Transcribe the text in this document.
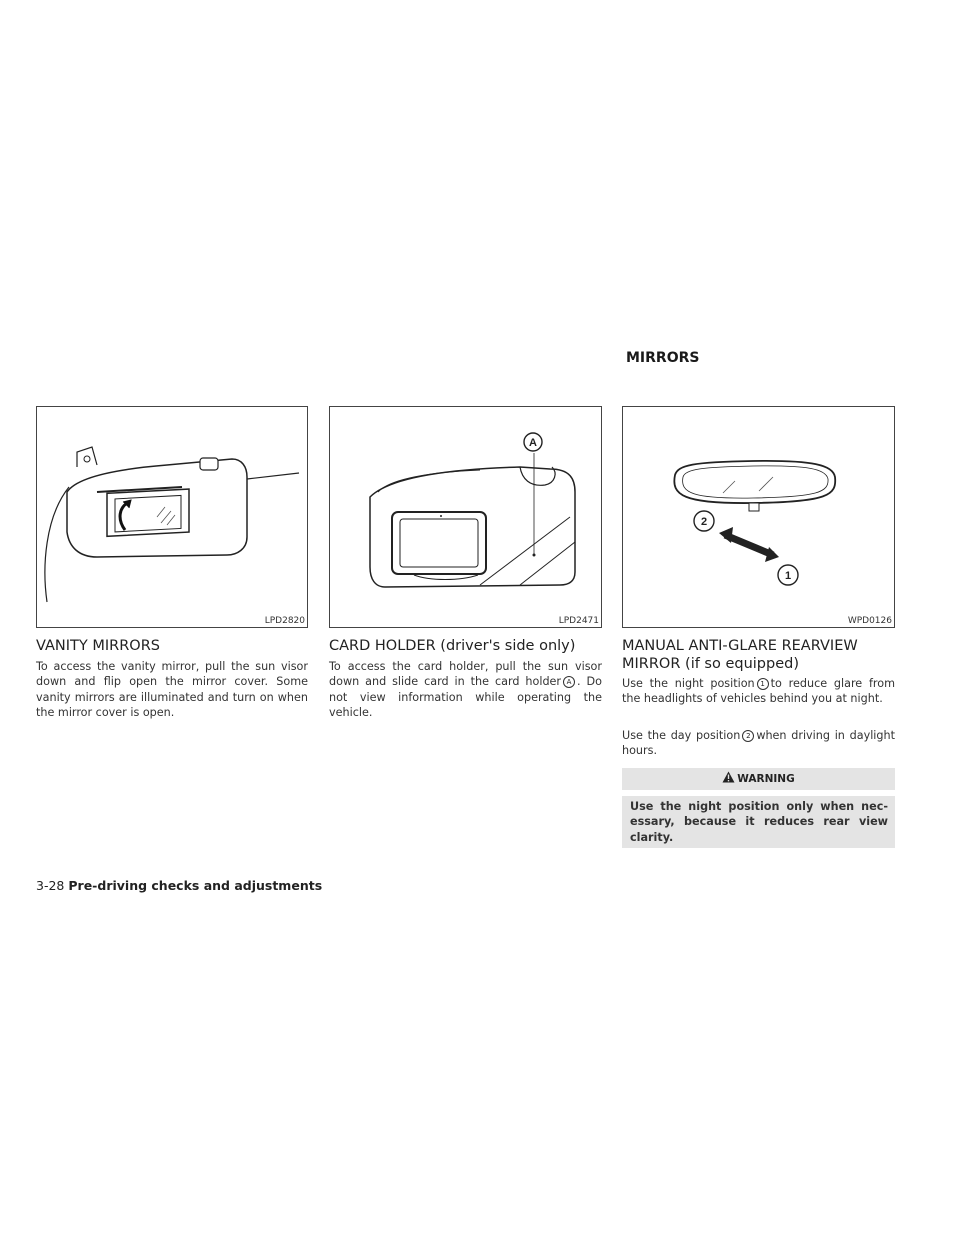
MIRRORS
LPD2820
A
LPD2471
2
1
WPD0126
VANITY MIRRORS

To access the vanity mirror, pull the sun visor down and flip open the mirror cover. Some vanity mirrors are illuminated and turn on when the mirror cover is open.

CARD HOLDER (driver's side only)

To access the card holder, pull the sun visor down and slide card in the card holder A . Do not view information while operating the vehicle.

MANUAL ANTI-GLARE REARVIEW
MIRROR (if so equipped)

Use the night position 1 to reduce glare from the headlights of vehicles behind you at night.

Use the day position 2 when driving in daylight hours.

WARNING

Use the night position only when nec- essary, because it reduces rear view clarity.

3-28 Pre-driving checks and adjustments
